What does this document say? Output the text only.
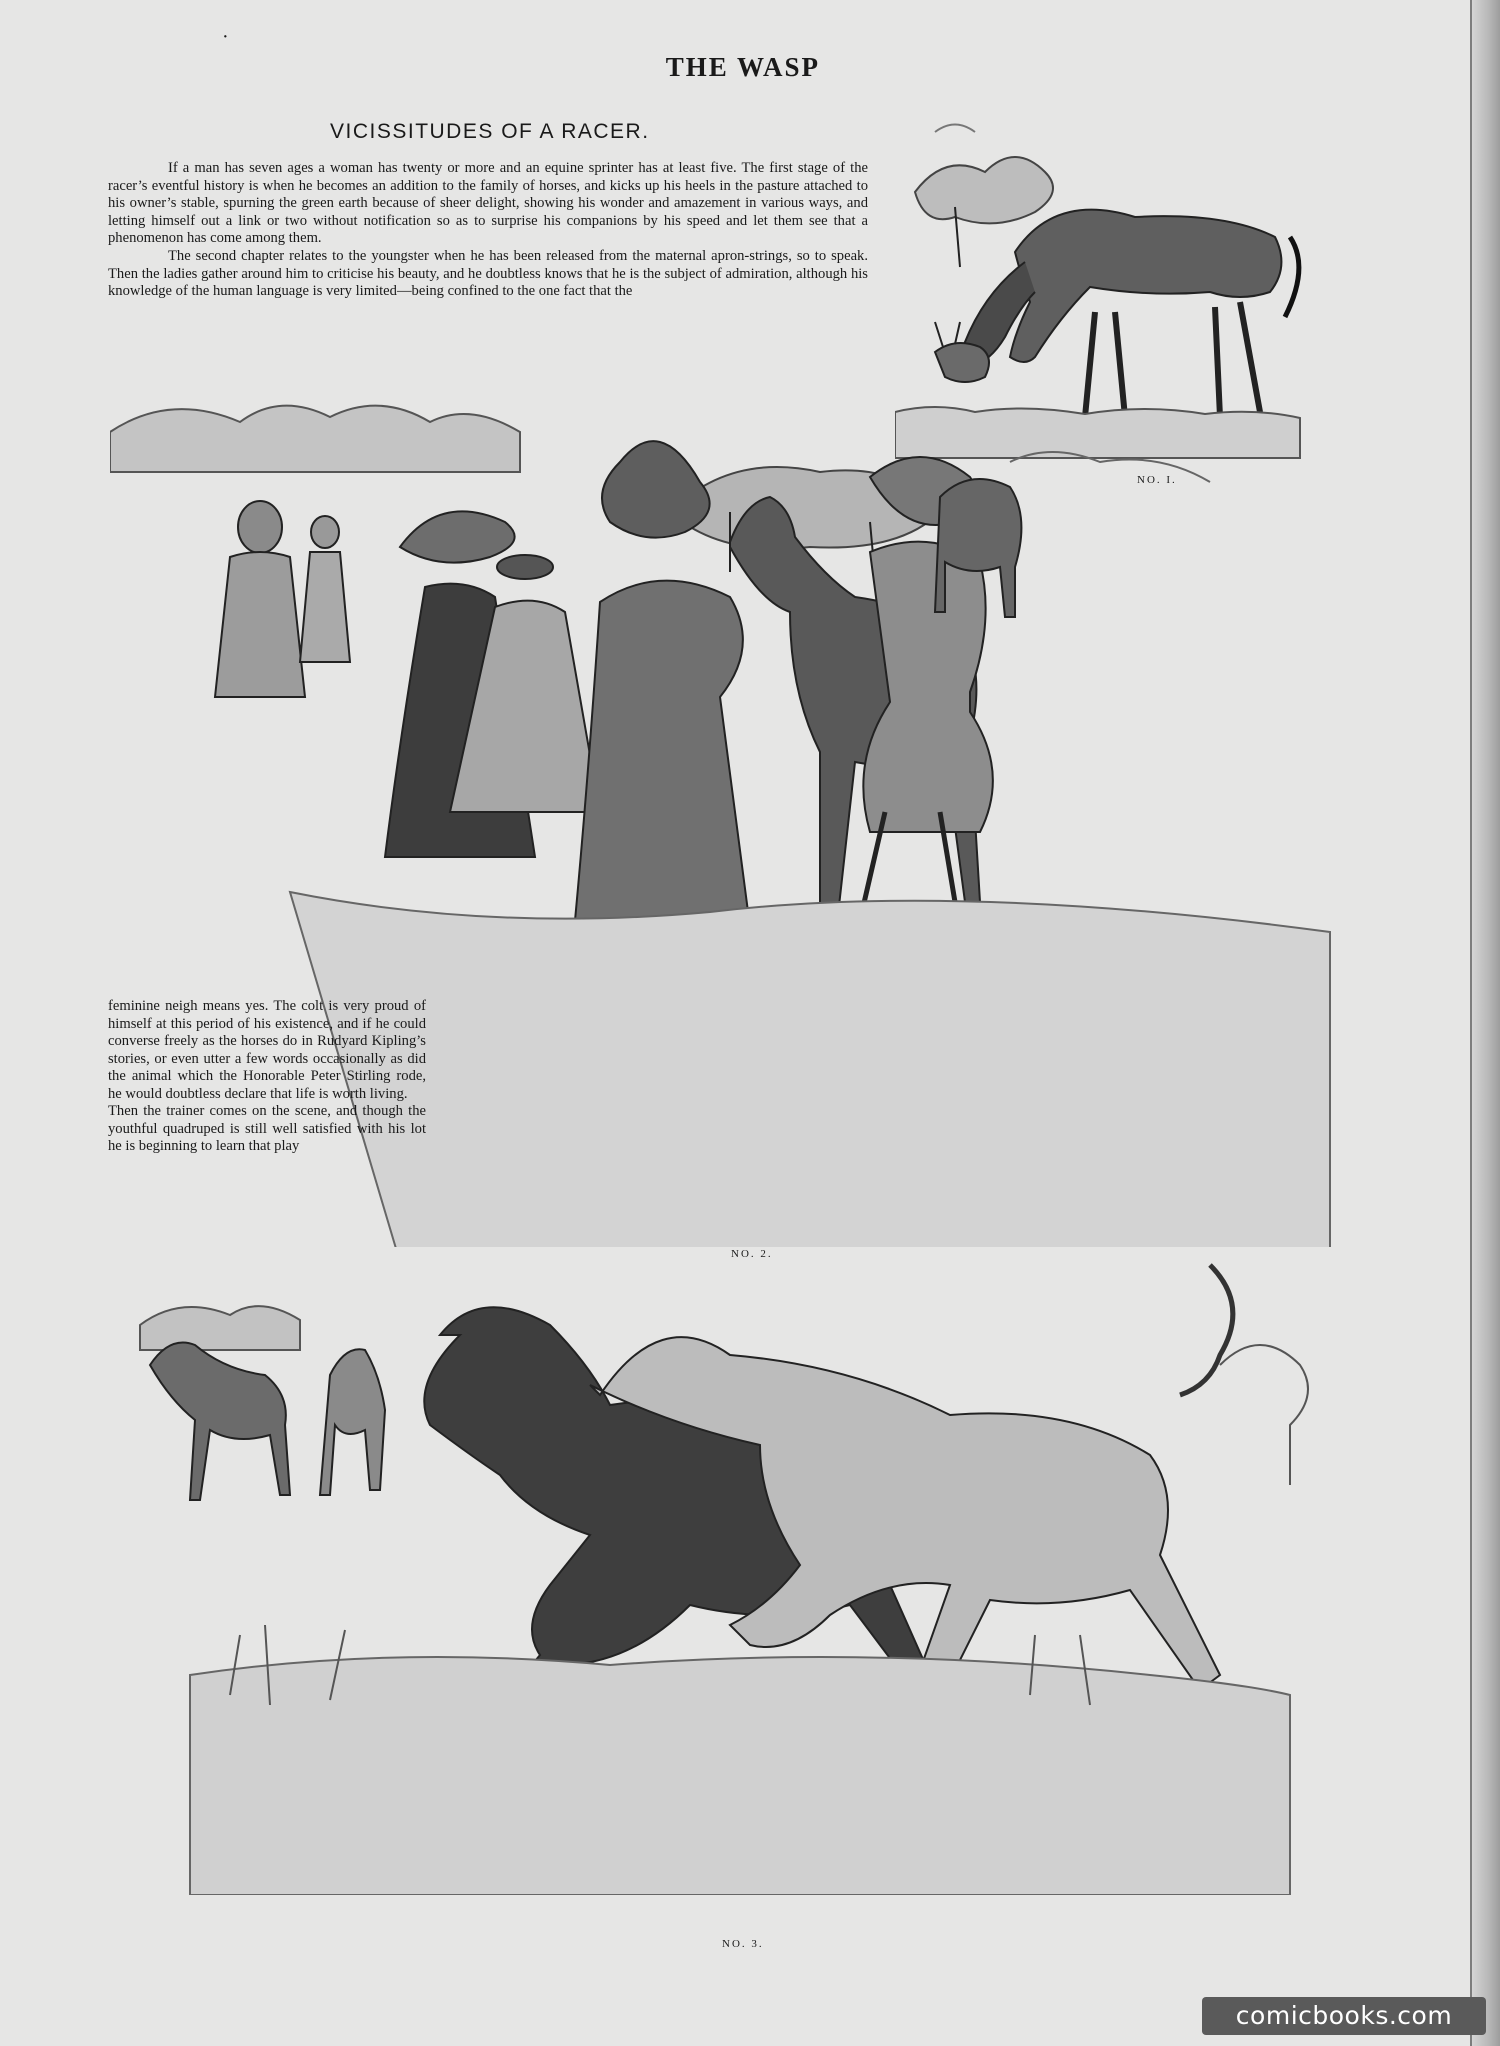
·
THE WASP
VICISSITUDES OF A RACER.

If a man has seven ages a woman has twenty or more and an equine sprinter has at least five. The first stage of the racer’s eventful history is when he becomes an addition to the family of horses, and kicks up his heels in the pasture attached to his owner’s stable, spurning the green earth because of sheer delight, showing his wonder and amazement in various ways, and letting himself out a link or two without notification so as to surprise his companions by his speed and let them see that a phenomenon has come among them.

The second chapter relates to the youngster when he has been released from the maternal apron-strings, so to speak. Then the ladies gather around him to criticise his beauty, and he doubtless knows that he is the subject of admiration, although his knowledge of the human language is very limited—being confined to the one fact that the

NO. I.

feminine neigh means yes. The colt is very proud of himself at this period of his existence, and if he could converse freely as the horses do in Rudyard Kipling’s stories, or even utter a few words occasionally as did the animal which the Honorable Peter Stirling rode, he would doubtless declare that life is worth living.

Then the trainer comes on the scene, and though the youthful quadruped is still well satisfied with his lot he is beginning to learn that play

NO. 2.
NO. 3.
comicbooks.com
